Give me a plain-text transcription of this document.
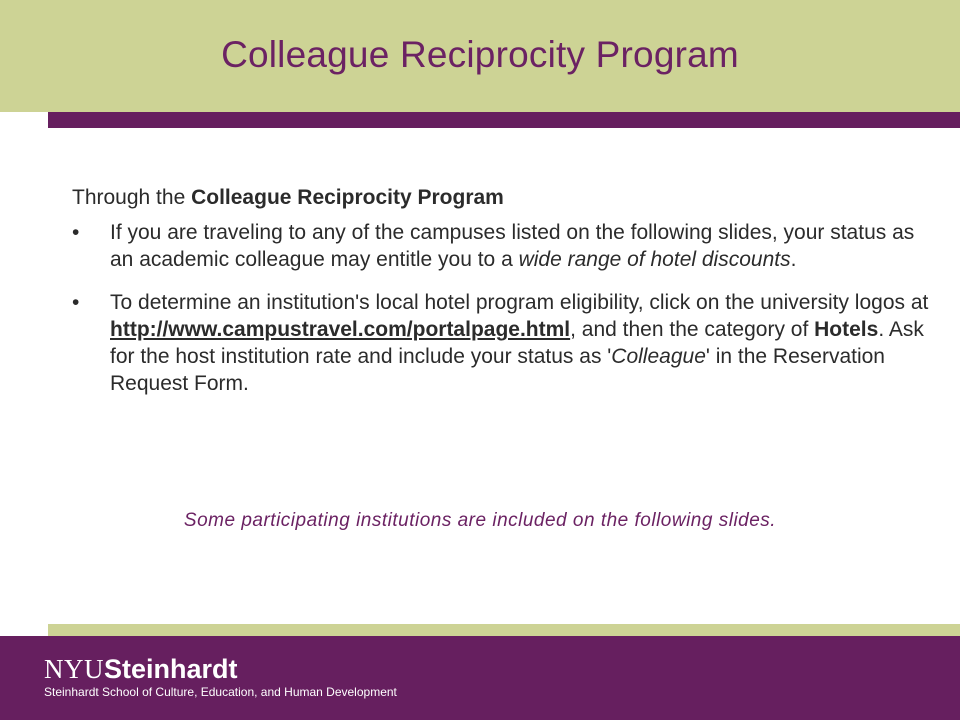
Colleague Reciprocity Program

Through the Colleague Reciprocity Program

• If you are traveling to any of the campuses listed on the following slides, your status as an academic colleague may entitle you to a wide range of hotel discounts.
• To determine an institution's local hotel program eligibility, click on the university logos at http://www.campustravel.com/portalpage.html, and then the category of Hotels. Ask for the host institution rate and include your status as 'Colleague' in the Reservation Request Form.
Some participating institutions are included on the following slides.
NYUSteinhardt
Steinhardt School of Culture, Education, and Human Development
